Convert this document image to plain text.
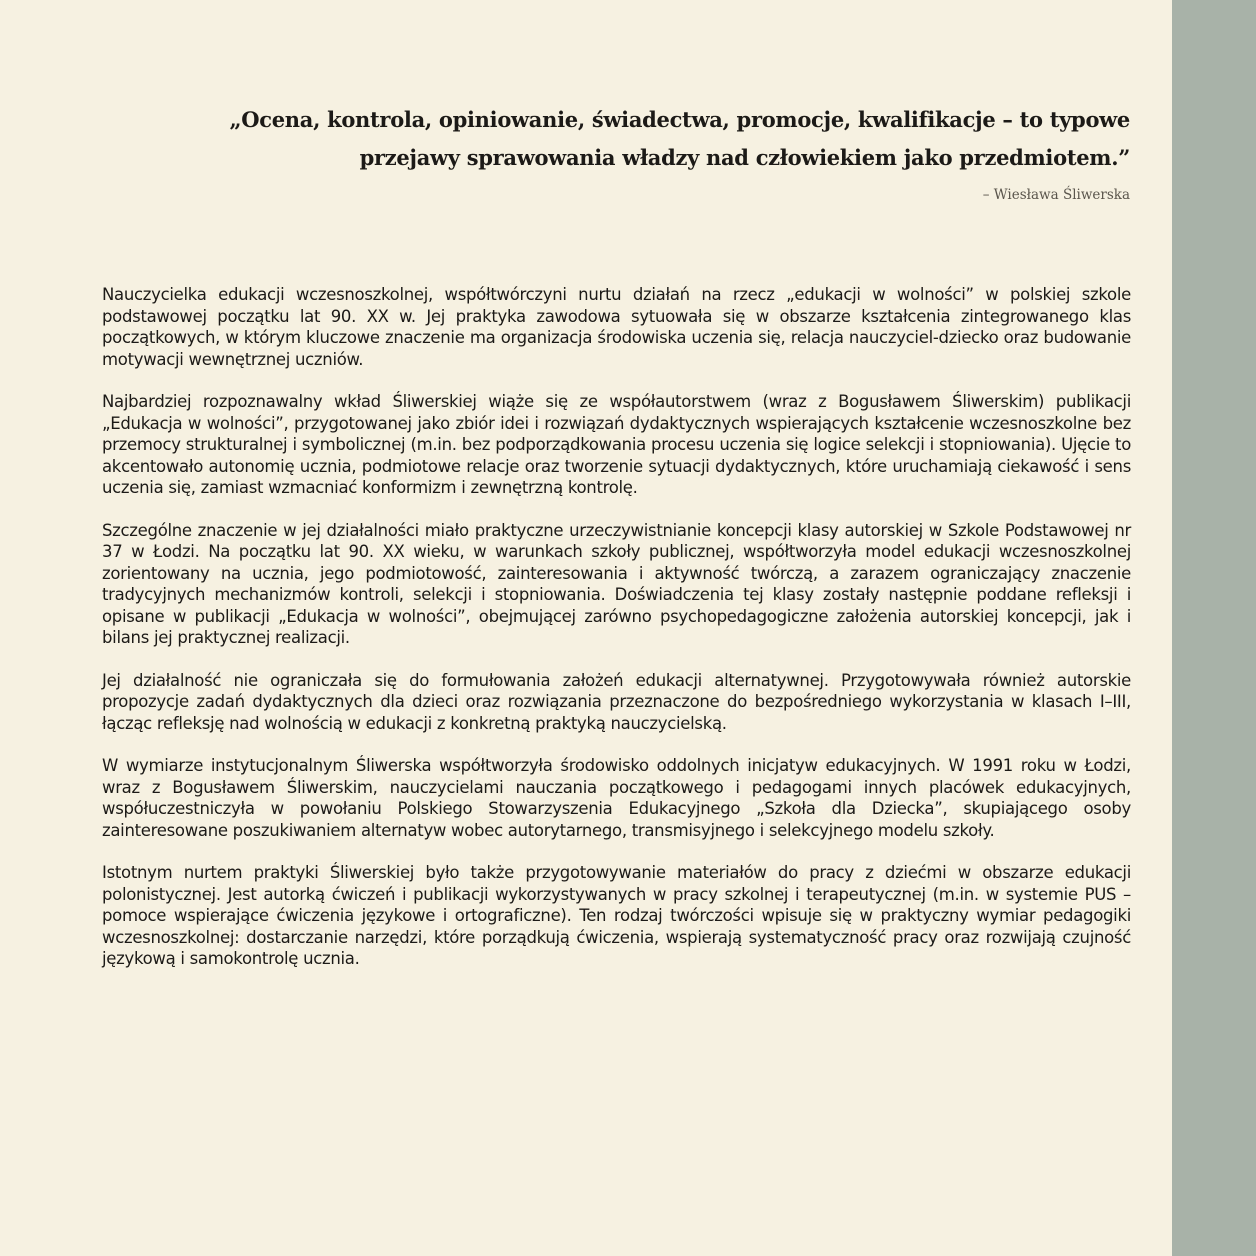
„Ocena, kontrola, opiniowanie, świadectwa, promocje, kwalifikacje – to typowe przejawy sprawowania władzy nad człowiekiem jako przedmiotem.”

– Wiesława Śliwerska

Nauczycielka edukacji wczesnoszkolnej, współtwórczyni nurtu działań na rzecz „edukacji w wolności” w polskiej szkole podstawowej początku lat 90. XX w. Jej praktyka zawodowa sytuowała się w obszarze kształcenia zintegrowanego klas początkowych, w którym kluczowe znaczenie ma organizacja środowiska uczenia się, relacja nauczyciel-dziecko oraz budowanie motywacji wewnętrznej uczniów.

Najbardziej rozpoznawalny wkład Śliwerskiej wiąże się ze współautorstwem (wraz z Bogusławem Śliwerskim) publikacji „Edukacja w wolności”, przygotowanej jako zbiór idei i rozwiązań dydaktycznych wspierających kształcenie wczesnoszkolne bez przemocy strukturalnej i symbolicznej (m.in. bez podporządkowania procesu uczenia się logice selekcji i stopniowania). Ujęcie to akcentowało autonomię ucznia, podmiotowe relacje oraz tworzenie sytuacji dydaktycznych, które uruchamiają ciekawość i sens uczenia się, zamiast wzmacniać konformizm i zewnętrzną kontrolę.

Szczególne znaczenie w jej działalności miało praktyczne urzeczywistnianie koncepcji klasy autorskiej w Szkole Podstawowej nr 37 w Łodzi. Na początku lat 90. XX wieku, w warunkach szkoły publicznej, współtworzyła model edukacji wczesnoszkolnej zorientowany na ucznia, jego podmiotowość, zainteresowania i aktywność twórczą, a zarazem ograniczający znaczenie tradycyjnych mechanizmów kontroli, selekcji i stopniowania. Doświadczenia tej klasy zostały następnie poddane refleksji i opisane w publikacji „Edukacja w wolności”, obejmującej zarówno psychopedagogiczne założenia autorskiej koncepcji, jak i bilans jej praktycznej realizacji.

Jej działalność nie ograniczała się do formułowania założeń edukacji alternatywnej. Przygotowywała również autorskie propozycje zadań dydaktycznych dla dzieci oraz rozwiązania przeznaczone do bezpośredniego wykorzystania w klasach I–III, łącząc refleksję nad wolnością w edukacji z konkretną praktyką nauczycielską.

W wymiarze instytucjonalnym Śliwerska współtworzyła środowisko oddolnych inicjatyw edukacyjnych. W 1991 roku w Łodzi, wraz z Bogusławem Śliwerskim, nauczycielami nauczania początkowego i pedagogami innych placówek edukacyjnych, współuczestniczyła w powołaniu Polskiego Stowarzyszenia Edukacyjnego „Szkoła dla Dziecka”, skupiającego osoby zainteresowane poszukiwaniem alternatyw wobec autorytarnego, transmisyjnego i selekcyjnego modelu szkoły.

Istotnym nurtem praktyki Śliwerskiej było także przygotowywanie materiałów do pracy z dziećmi w obszarze edukacji polonistycznej. Jest autorką ćwiczeń i publikacji wykorzystywanych w pracy szkolnej i terapeutycznej (m.in. w systemie PUS – pomoce wspierające ćwiczenia językowe i ortograficzne). Ten rodzaj twórczości wpisuje się w praktyczny wymiar pedagogiki wczesnoszkolnej: dostarczanie narzędzi, które porządkują ćwiczenia, wspierają systematyczność pracy oraz rozwijają czujność językową i samokontrolę ucznia.
